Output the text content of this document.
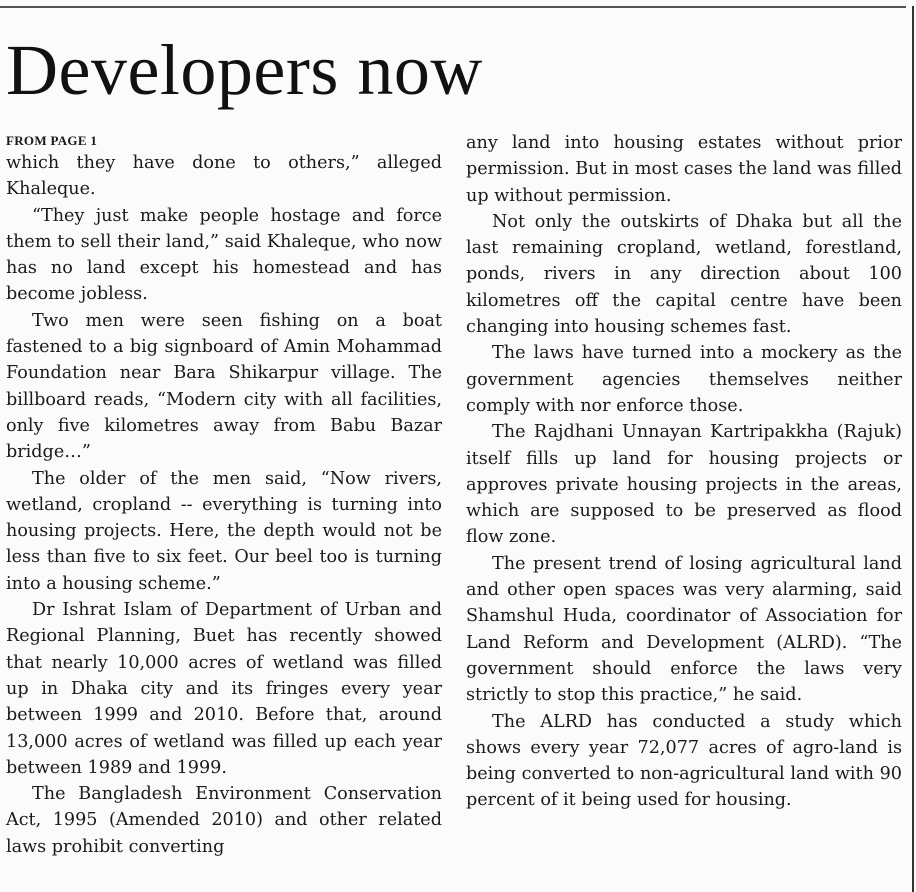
Developers now
FROM PAGE 1

which they have done to others,” alleged Khaleque.

“They just make people hostage and force them to sell their land,” said Khaleque, who now has no land except his homestead and has become jobless.

Two men were seen fishing on a boat fastened to a big signboard of Amin Mohammad Foundation near Bara Shikarpur village. The billboard reads, “Modern city with all facilities, only five kilometres away from Babu Bazar bridge…”

The older of the men said, “Now rivers, wetland, cropland -- everything is turning into housing projects. Here, the depth would not be less than five to six feet. Our beel too is turning into a housing scheme.”

Dr Ishrat Islam of Department of Urban and Regional Planning, Buet has recently showed that nearly 10,000 acres of wetland was filled up in Dhaka city and its fringes every year between 1999 and 2010. Before that, around 13,000 acres of wetland was filled up each year between 1989 and 1999.

The Bangladesh Environment Conservation Act, 1995 (Amended 2010) and other related laws prohibit converting

any land into housing estates without prior permission. But in most cases the land was filled up without permission.

Not only the outskirts of Dhaka but all the last remaining cropland, wetland, forestland, ponds, rivers in any direction about 100 kilometres off the capital centre have been changing into housing schemes fast.

The laws have turned into a mockery as the government agencies themselves neither comply with nor enforce those.

The Rajdhani Unnayan Kartripakkha (Rajuk) itself fills up land for housing projects or approves private housing projects in the areas, which are supposed to be preserved as flood flow zone.

The present trend of losing agricultural land and other open spaces was very alarming, said Shamshul Huda, coordinator of Association for Land Reform and Development (ALRD). “The government should enforce the laws very strictly to stop this practice,” he said.

The ALRD has conducted a study which shows every year 72,077 acres of agro-land is being converted to non-agricultural land with 90 percent of it being used for housing.
